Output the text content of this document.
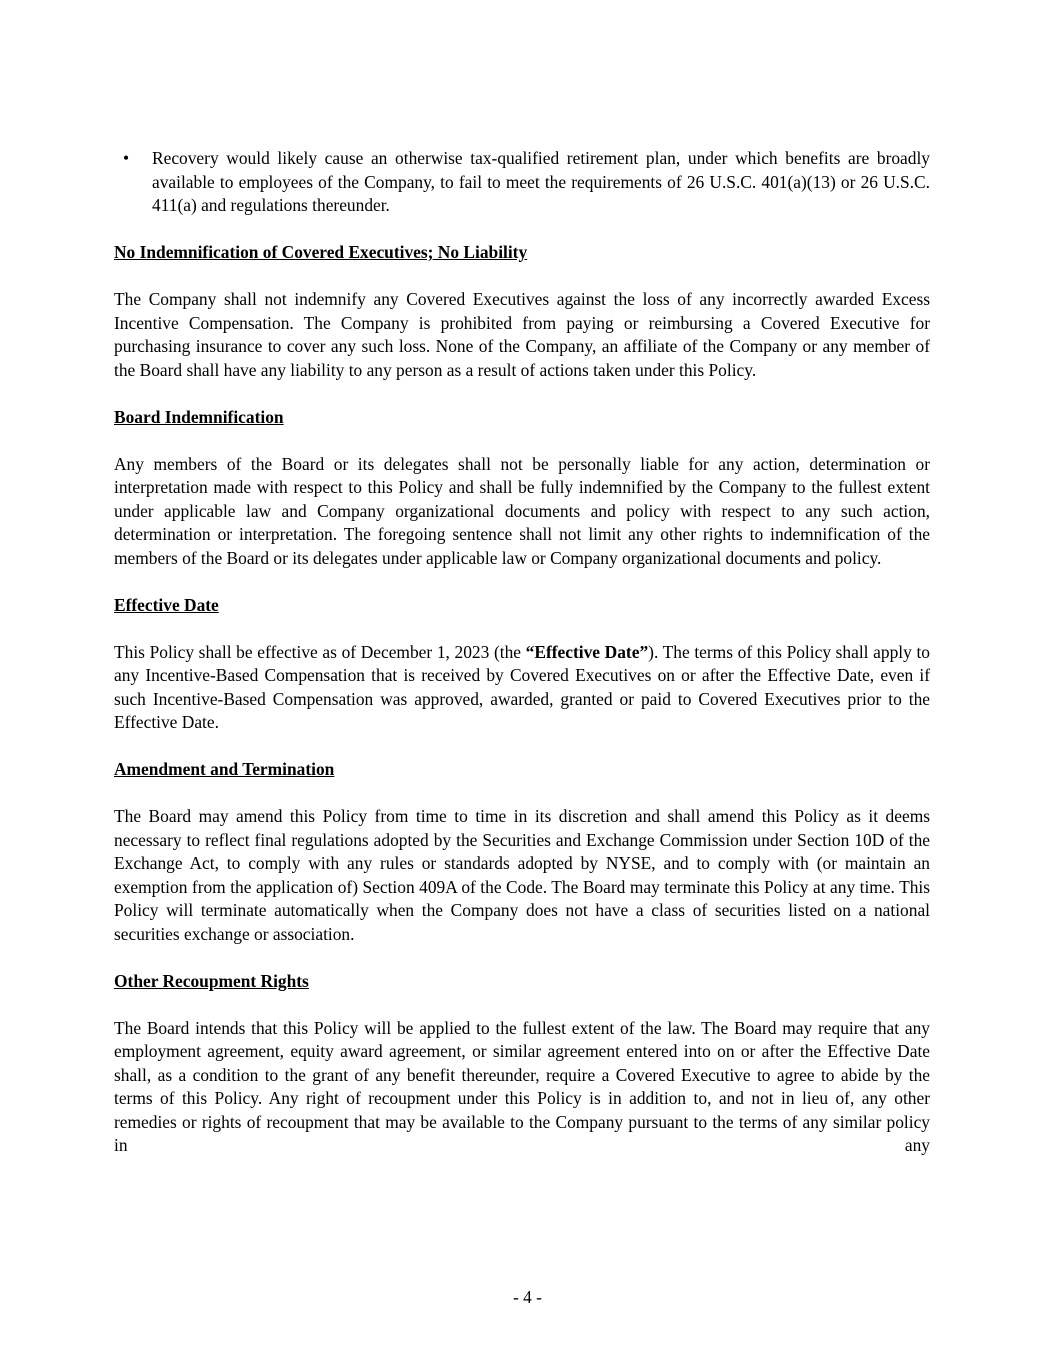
•	Recovery would likely cause an otherwise tax-qualified retirement plan, under which benefits are broadly available to employees of the Company, to fail to meet the requirements of 26 U.S.C. 401(a)(13) or 26 U.S.C. 411(a) and regulations thereunder.
No Indemnification of Covered Executives; No Liability

The Company shall not indemnify any Covered Executives against the loss of any incorrectly awarded Excess Incentive Compensation. The Company is prohibited from paying or reimbursing a Covered Executive for purchasing insurance to cover any such loss. None of the Company, an affiliate of the Company or any member of the Board shall have any liability to any person as a result of actions taken under this Policy.

Board Indemnification

Any members of the Board or its delegates shall not be personally liable for any action, determination or interpretation made with respect to this Policy and shall be fully indemnified by the Company to the fullest extent under applicable law and Company organizational documents and policy with respect to any such action, determination or interpretation. The foregoing sentence shall not limit any other rights to indemnification of the members of the Board or its delegates under applicable law or Company organizational documents and policy.

Effective Date

This Policy shall be effective as of December 1, 2023 (the “Effective Date”). The terms of this Policy shall apply to any Incentive-Based Compensation that is received by Covered Executives on or after the Effective Date, even if such Incentive-Based Compensation was approved, awarded, granted or paid to Covered Executives prior to the Effective Date.

Amendment and Termination

The Board may amend this Policy from time to time in its discretion and shall amend this Policy as it deems necessary to reflect final regulations adopted by the Securities and Exchange Commission under Section 10D of the Exchange Act, to comply with any rules or standards adopted by NYSE, and to comply with (or maintain an exemption from the application of) Section 409A of the Code. The Board may terminate this Policy at any time. This Policy will terminate automatically when the Company does not have a class of securities listed on a national securities exchange or association.

Other Recoupment Rights

The Board intends that this Policy will be applied to the fullest extent of the law. The Board may require that any employment agreement, equity award agreement, or similar agreement entered into on or after the Effective Date shall, as a condition to the grant of any benefit thereunder, require a Covered Executive to agree to abide by the terms of this Policy. Any right of recoupment under this Policy is in addition to, and not in lieu of, any other remedies or rights of recoupment that may be available to the Company pursuant to the terms of any similar policy in any

- 4 -
